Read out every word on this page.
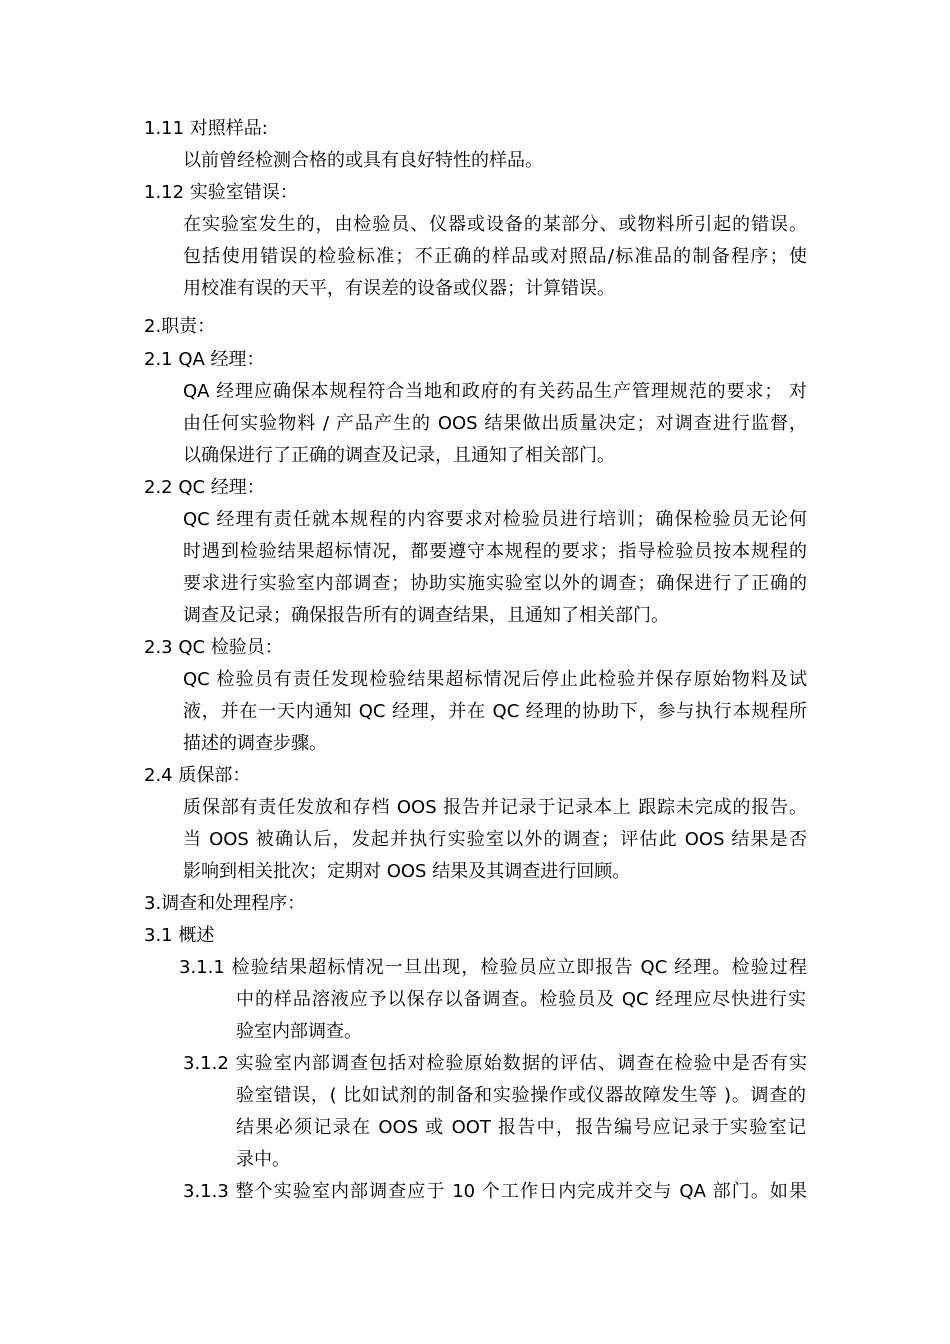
1.11 对照样品:
以前曾经检测合格的或具有良好特性的样品。
1.12 实验室错误：
在实验室发生的，由检验员、仪器或设备的某部分、或物料所引起的错误。
包括使用错误的检验标准；不正确的样品或对照品/标准品的制备程序；使
用校准有误的天平，有误差的设备或仪器；计算错误。
2.职责：
2.1 QA 经理：
QA 经理应确保本规程符合当地和政府的有关药品生产管理规范的要求； 对
由任何实验物料 / 产品产生的 OOS 结果做出质量决定；对调查进行监督，
以确保进行了正确的调查及记录，且通知了相关部门。
2.2 QC 经理：
QC 经理有责任就本规程的内容要求对检验员进行培训；确保检验员无论何
时遇到检验结果超标情况，都要遵守本规程的要求；指导检验员按本规程的
要求进行实验室内部调查；协助实施实验室以外的调查；确保进行了正确的
调查及记录；确保报告所有的调查结果，且通知了相关部门。
2.3 QC 检验员：
QC 检验员有责任发现检验结果超标情况后停止此检验并保存原始物料及试
液，并在一天内通知 QC 经理，并在 QC 经理的协助下，参与执行本规程所
描述的调查步骤。
2.4 质保部：
质保部有责任发放和存档 OOS 报告并记录于记录本上 跟踪未完成的报告。
当 OOS 被确认后，发起并执行实验室以外的调查；评估此 OOS 结果是否
影响到相关批次；定期对 OOS 结果及其调查进行回顾。
3.调查和处理程序：
3.1 概述
3.1.1 检验结果超标情况一旦出现，检验员应立即报告 QC 经理。检验过程
中的样品溶液应予以保存以备调查。检验员及 QC 经理应尽快进行实
验室内部调查。
3.1.2 实验室内部调查包括对检验原始数据的评估、调查在检验中是否有实
验室错误，( 比如试剂的制备和实验操作或仪器故障发生等 )。调查的
结果必须记录在 OOS 或 OOT 报告中，报告编号应记录于实验室记
录中。
3.1.3 整个实验室内部调查应于 10 个工作日内完成并交与 QA 部门。如果
